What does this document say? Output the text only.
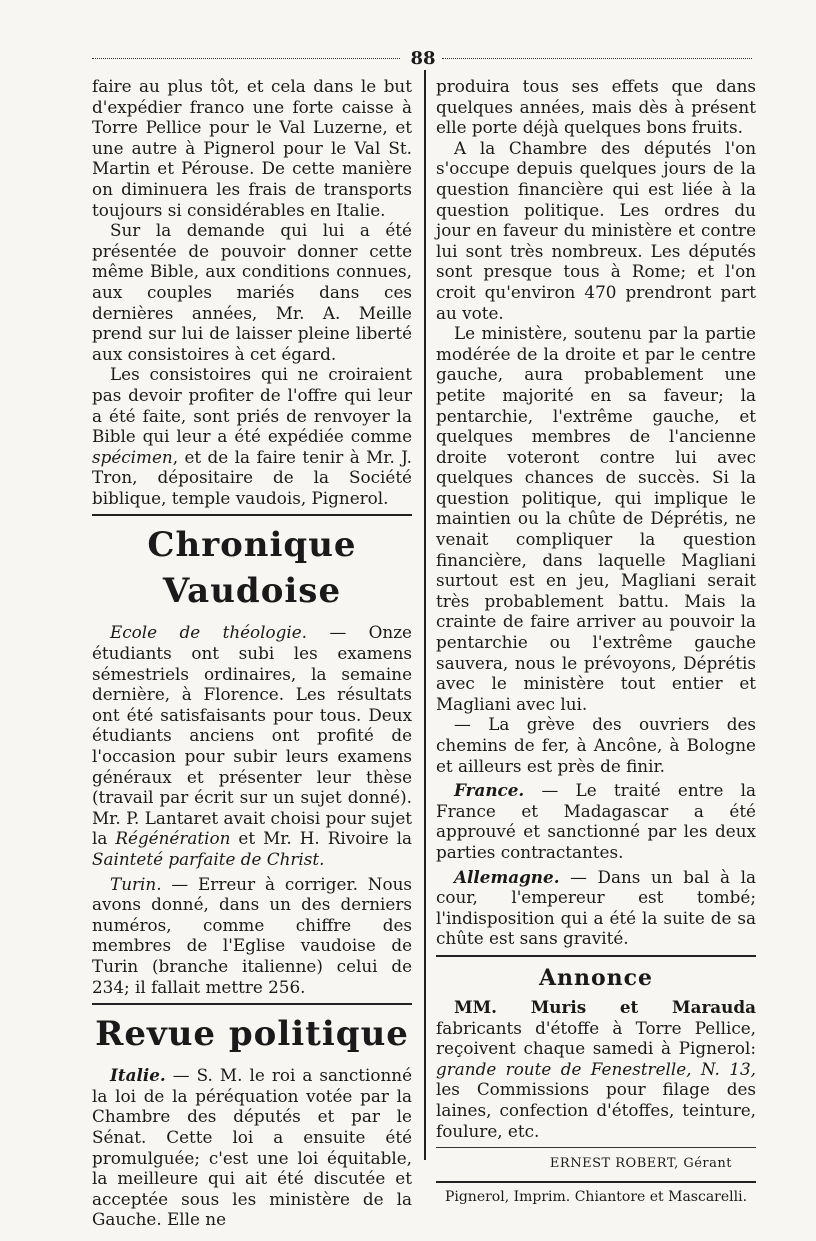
88

faire au plus tôt, et cela dans le but d'expédier franco une forte caisse à Torre Pellice pour le Val Luzerne, et une autre à Pignerol pour le Val St. Martin et Pérouse. De cette manière on diminuera les frais de transports toujours si considérables en Italie.

Sur la demande qui lui a été présentée de pouvoir donner cette même Bible, aux conditions connues, aux couples mariés dans ces dernières années, Mr. A. Meille prend sur lui de laisser pleine liberté aux consistoires à cet égard.

Les consistoires qui ne croiraient pas devoir profiter de l'offre qui leur a été faite, sont priés de renvoyer la Bible qui leur a été expédiée comme spécimen, et de la faire tenir à Mr. J. Tron, dépositaire de la Société biblique, temple vaudois, Pignerol.

Chronique Vaudoise

Ecole de théologie. — Onze étudiants ont subi les examens sémestriels ordinaires, la semaine dernière, à Florence. Les résultats ont été satisfaisants pour tous. Deux étudiants anciens ont profité de l'occasion pour subir leurs examens généraux et présenter leur thèse (travail par écrit sur un sujet donné). Mr. P. Lantaret avait choisi pour sujet la Régénération et Mr. H. Rivoire la Sainteté parfaite de Christ.

Turin. — Erreur à corriger. Nous avons donné, dans un des derniers numéros, comme chiffre des membres de l'Eglise vaudoise de Turin (branche italienne) celui de 234; il fallait mettre 256.

Revue politique

Italie. — S. M. le roi a sanctionné la loi de la péréquation votée par la Chambre des députés et par le Sénat. Cette loi a ensuite été promulguée; c'est une loi équitable, la meilleure qui ait été discutée et acceptée sous les ministère de la Gauche. Elle ne

produira tous ses effets que dans quelques années, mais dès à présent elle porte déjà quelques bons fruits.

A la Chambre des députés l'on s'occupe depuis quelques jours de la question financière qui est liée à la question politique. Les ordres du jour en faveur du ministère et contre lui sont très nombreux. Les députés sont presque tous à Rome; et l'on croit qu'environ 470 prendront part au vote.

Le ministère, soutenu par la partie modérée de la droite et par le centre gauche, aura probablement une petite majorité en sa faveur; la pentarchie, l'extrême gauche, et quelques membres de l'ancienne droite voteront contre lui avec quelques chances de succès. Si la question politique, qui implique le maintien ou la chûte de Déprétis, ne venait compliquer la question financière, dans laquelle Magliani surtout est en jeu, Magliani serait très probablement battu. Mais la crainte de faire arriver au pouvoir la pentarchie ou l'extrême gauche sauvera, nous le prévoyons, Déprétis avec le ministère tout entier et Magliani avec lui.

— La grève des ouvriers des chemins de fer, à Ancône, à Bologne et ailleurs est près de finir.

France. — Le traité entre la France et Madagascar a été approuvé et sanctionné par les deux parties contractantes.

Allemagne. — Dans un bal à la cour, l'empereur est tombé; l'indisposition qui a été la suite de sa chûte est sans gravité.

Annonce

MM. Muris et Marauda fabricants d'étoffe à Torre Pellice, reçoivent chaque samedi à Pignerol: grande route de Fenestrelle, N. 13, les Commissions pour filage des laines, confection d'étoffes, teinture, foulure, etc.

ERNEST ROBERT, Gérant
Pignerol, Imprim. Chiantore et Mascarelli.
